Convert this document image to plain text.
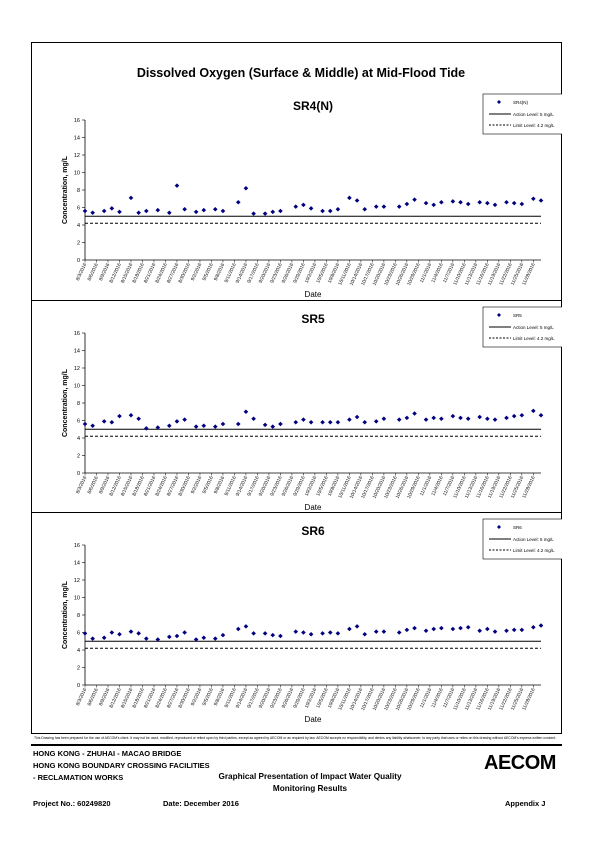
Dissolved Oxygen (Surface & Middle) at Mid-Flood Tide
SR4(N)
0
2
4
6
8
10
12
14
16
8/3/2016 8/6/2016 8/9/2016
8/12/2016
8/15/2016
8/18/2016
8/21/2016
8/24/2016
8/27/2016
8/30/2016 9/2/2016 9/5/2016 9/8/2016
9/11/2016
9/14/2016
9/17/2016
9/20/2016
9/23/2016
9/26/2016
9/29/2016
10/2/2016
10/5/2016
10/8/2016
10/11/2016
10/14/2016
10/17/2016
10/20/2016
10/23/2016
10/26/2016
10/29/2016
11/1/2016
11/4/2016
11/7/2016
11/10/2016
11/13/2016
11/16/2016
11/19/2016
11/22/2016
11/25/2016
11/28/2016
Concentration, mg/L
Date
SR4(N)
Action Level: 5 mg/L
Limit Level: 4.2 mg/L
SR5
0
2
4
6
8
10
12
14
16
8/3/2016 8/6/2016 8/9/2016
8/12/2016
8/15/2016
8/18/2016
8/21/2016
8/24/2016
8/27/2016
8/30/2016 9/2/2016 9/5/2016 9/8/2016
9/11/2016
9/14/2016
9/17/2016
9/20/2016
9/23/2016
9/26/2016
9/29/2016
10/2/2016
10/5/2016
10/8/2016
10/11/2016
10/14/2016
10/17/2016
10/20/2016
10/23/2016
10/26/2016
10/29/2016
11/1/2016
11/4/2016
11/7/2016
11/10/2016
11/13/2016
11/16/2016
11/19/2016
11/22/2016
11/25/2016
11/28/2016
Concentration, mg/L
Date
SR5
Action Level: 5 mg/L
Limit Level: 4.2 mg/L
SR6
0
2
4
6
8
10
12
14
16
8/3/2016 8/6/2016 8/9/2016
8/12/2016
8/15/2016
8/18/2016
8/21/2016
8/24/2016
8/27/2016
8/30/2016 9/2/2016 9/5/2016 9/8/2016
9/11/2016
9/14/2016
9/17/2016
9/20/2016
9/23/2016
9/26/2016
9/29/2016
10/2/2016
10/5/2016
10/8/2016
10/11/2016
10/14/2016
10/17/2016
10/20/2016
10/23/2016
10/26/2016
10/29/2016
11/1/2016
11/4/2016
11/7/2016
11/10/2016
11/13/2016
11/16/2016
11/19/2016
11/22/2016
11/25/2016
11/28/2016
Concentration, mg/L
Date
SR6
Action Level: 5 mg/L
Limit Level: 4.2 mg/L
This Drawing has been prepared for the use of AECOM's client. It may not be used, modified, reproduced or relied upon by third parties, except as agreed by AECOM or as required by law. AECOM accepts no responsibility, and denies any liability whatsoever, to any party that uses or relies on this drawing without AECOM's express written consent.
HONG KONG - ZHUHAI - MACAO BRIDGE
HONG KONG BOUNDARY CROSSING FACILITIES
- RECLAMATION WORKS	Graphical Presentation of Impact Water Quality
Monitoring Results
Project No.: 60249820	Date: December 2016	Appendix J
AECOM
